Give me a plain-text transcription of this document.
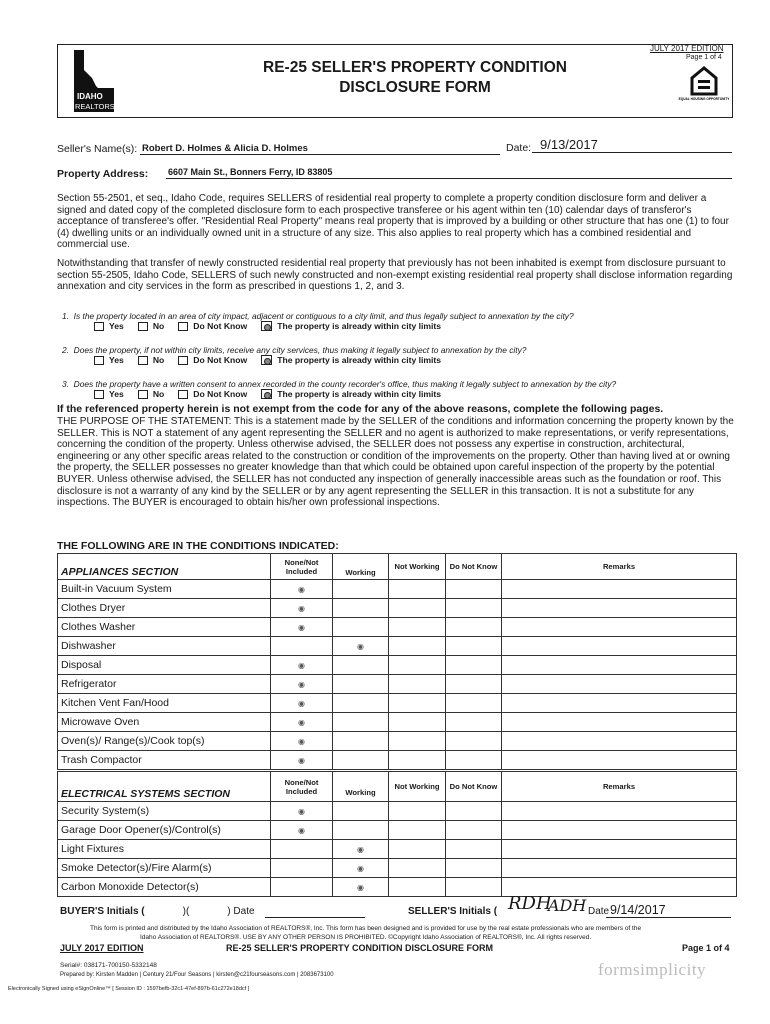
IDAHO
REALTORS
JULY 2017 EDITION
Page 1 of 4
RE-25 SELLER'S PROPERTY CONDITION
DISCLOSURE FORM
EQUAL HOUSING OPPORTUNITY
Seller's Name(s): Robert D. Holmes & Alicia D. Holmes	Date: 9/13/2017
Property Address: 6607 Main St., Bonners Ferry, ID 83805
Section 55-2501, et seq., Idaho Code, requires SELLERS of residential real property to complete a property condition disclosure form and deliver a signed and dated copy of the completed disclosure form to each prospective transferee or his agent within ten (10) calendar days of transferor's acceptance of transferee's offer. "Residential Real Property" means real property that is improved by a building or other structure that has one (1) to four (4) dwelling units or an individually owned unit in a structure of any size. This also applies to real property which has a combined residential and commercial use.
Notwithstanding that transfer of newly constructed residential real property that previously has not been inhabited is exempt from disclosure pursuant to section 55-2505, Idaho Code, SELLERS of such newly constructed and non-exempt existing residential real property shall disclose information regarding annexation and city services in the form as prescribed in questions 1, 2, and 3.
1. Is the property located in an area of city impact, adjacent or contiguous to a city limit, and thus legally subject to annexation by the city?
Yes	No	Do Not Know	The property is already within city limits
2. Does the property, if not within city limits, receive any city services, thus making it legally subject to annexation by the city?
Yes	No	Do Not Know	The property is already within city limits
3. Does the property have a written consent to annex recorded in the county recorder's office, thus making it legally subject to annexation by the city?
Yes	No	Do Not Know	The property is already within city limits
If the referenced property herein is not exempt from the code for any of the above reasons, complete the following pages.
THE PURPOSE OF THE STATEMENT: This is a statement made by the SELLER of the conditions and information concerning the property known by the SELLER. This is NOT a statement of any agent representing the SELLER and no agent is authorized to make representations, or verify representations, concerning the condition of the property. Unless otherwise advised, the SELLER does not possess any expertise in construction, architectural, engineering or any other specific areas related to the construction or condition of the improvements on the property. Other than having lived at or owning the property, the SELLER possesses no greater knowledge than that which could be obtained upon careful inspection of the property by the potential BUYER. Unless otherwise advised, the SELLER has not conducted any inspection of generally inaccessible areas such as the foundation or roof. This disclosure is not a warranty of any kind by the SELLER or by any agent representing the SELLER in this transaction. It is not a substitute for any inspections. The BUYER is encouraged to obtain his/her own professional inspections.
THE FOLLOWING ARE IN THE CONDITIONS INDICATED:
APPLIANCES SECTION	None/Not Included	Working	Not Working	Do Not Know	Remarks
Built-in Vacuum System	◉				
Clothes Dryer	◉				
Clothes Washer	◉				
Dishwasher		◉			
Disposal	◉				
Refrigerator	◉				
Kitchen Vent Fan/Hood	◉				
Microwave Oven	◉				
Oven(s)/ Range(s)/Cook top(s)	◉				
Trash Compactor	◉				
ELECTRICAL SYSTEMS SECTION	None/Not Included	Working	Not Working	Do Not Know	Remarks
Security System(s)	◉				
Garage Door Opener(s)/Control(s)	◉				
Light Fixtures		◉			
Smoke Detector(s)/Fire Alarm(s)		◉			
Carbon Monoxide Detector(s)		◉			
BUYER'S Initials (	)(	) Date	SELLER'S Initials ( RDH
ADH Date 9/14/2017
This form is printed and distributed by the Idaho Association of REALTORS®, Inc. This form has been designed and is provided for use by the real estate professionals who are members of the
Idaho Association of REALTORS®. USE BY ANY OTHER PERSON IS PROHIBITED. ©Copyright Idaho Association of REALTORS®, Inc. All rights reserved.
JULY 2017 EDITION	RE-25 SELLER'S PROPERTY CONDITION DISCLOSURE FORM	Page 1 of 4
Serial#: 038171-700150-5332148
Prepared by: Kirsten Madden | Century 21/Four Seasons | kirsten@c21fourseasons.com | 2083673100	formsimplicity
Electronically Signed using eSignOnline™ [ Session ID : 1597befb-32c1-47ef-897b-61c272e18dcf ]
